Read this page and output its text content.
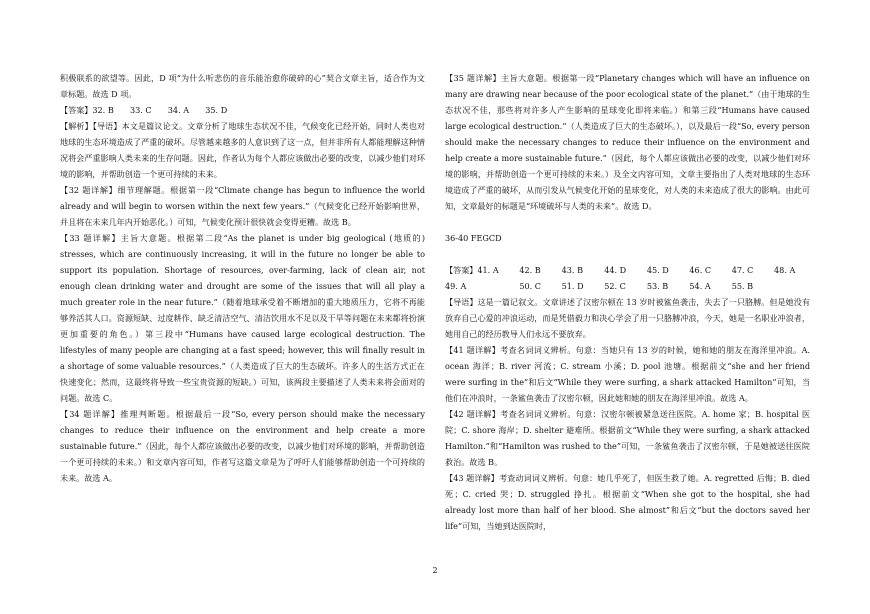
积极联系的欲望等。因此，D 项“为什么听悲伤的音乐能治愈你破碎的心”契合文章主旨，适合作为文章标题。故选 D 项。

【答案】32. B　　33. C　　34. A　　35. D

【解析】【导语】本文是篇议论文。文章分析了地球生态状况不佳，气候变化已经开始，同时人类也对地球的生态环境造成了严重的破坏。尽管越来越多的人意识到了这一点，但并非所有人都能理解这种情况将会严重影响人类未来的生存问题。因此，作者认为每个人都应该做出必要的改变，以减少他们对环境的影响，并帮助创造一个更可持续的未来。

【32 题详解】细节理解题。根据第一段“Climate change has begun to influence the world already and will begin to worsen within the next few years.”（气候变化已经开始影响世界，并且将在未来几年内开始恶化。）可知，气候变化预计很快就会变得更糟。故选 B。

【33 题详解】主旨大意题。根据第二段“As the planet is under big geological (地质的) stresses, which are continuously increasing, it will in the future no longer be able to support its population. Shortage of resources, over-farming, lack of clean air, not enough clean drinking water and drought are some of the issues that will all play a much greater role in the near future.”（随着地球承受着不断增加的重大地质压力，它将不再能够养活其人口。资源短缺、过度耕作、缺乏清洁空气、清洁饮用水不足以及干旱等问题在未来都将扮演更加重要的角色。）第三段中“Humans have caused large ecological destruction. The lifestyles of many people are changing at a fast speed; however, this will finally result in a shortage of some valuable resources.”（人类造成了巨大的生态破坏。许多人的生活方式正在快速变化；然而，这最终将导致一些宝贵资源的短缺。）可知，该两段主要描述了人类未来将会面对的问题。故选 C。

【34 题详解】推理判断题。根据最后一段“So, every person should make the necessary changes to reduce their influence on the environment and help create a more sustainable future.”（因此，每个人都应该做出必要的改变，以减少他们对环境的影响，并帮助创造一个更可持续的未来。）和文章内容可知，作者写这篇文章是为了呼吁人们能够帮助创造一个可持续的未来。故选 A。

【35 题详解】主旨大意题。根据第一段“Planetary changes which will have an influence on many are drawing near because of the poor ecological state of the planet.”（由于地球的生态状况不佳，那些将对许多人产生影响的星球变化即将来临。）和第三段“Humans have caused large ecological destruction.”（人类造成了巨大的生态破坏。），以及最后一段“So, every person should make the necessary changes to reduce their influence on the environment and help create a more sustainable future.”（因此，每个人都应该做出必要的改变，以减少他们对环境的影响，并帮助创造一个更可持续的未来。）及全文内容可知，文章主要指出了人类对地球的生态环境造成了严重的破坏，从而引发从气候变化开始的星球变化，对人类的未来造成了很大的影响。由此可知，文章最好的标题是“环境破坏与人类的未来”。故选 D。

36-40 FEGCD

【答案】41. A	42. B	43. B	44. D	45. D	46. C	47. C	48. A
49. A	50. C	51. D	52. C	53. B	54. A	55. B

【导语】这是一篇记叙文。文章讲述了汉密尔顿在 13 岁时被鲨鱼袭击，失去了一只胳膊。但是她没有放弃自己心爱的冲浪运动，而是凭借毅力和决心学会了用一只胳膊冲浪，今天，她是一名职业冲浪者，她用自己的经历教导人们永远不要放弃。

【41 题详解】考查名词词义辨析。句意：当她只有 13 岁的时候，她和她的朋友在海洋里冲浪。A. ocean 海洋；B. river 河流；C. stream 小溪；D. pool 池塘。根据前文“she and her friend were surfing in the”和后文“While they were surfing, a shark attacked Hamilton”可知，当他们在冲浪时，一条鲨鱼袭击了汉密尔顿，因此她和她的朋友在海洋里冲浪。故选 A。

【42 题详解】考查名词词义辨析。句意：汉密尔顿被紧急送往医院。A. home 家；B. hospital 医院；C. shore 海岸；D. shelter 避难所。根据前文“While they were surfing, a shark attacked Hamilton.”和“Hamilton was rushed to the”可知，一条鲨鱼袭击了汉密尔顿，于是她被送往医院救治。故选 B。

【43 题详解】考查动词词义辨析。句意：她几乎死了，但医生救了她。A. regretted 后悔；B. died 死；C. cried 哭；D. struggled 挣扎。根据前文“When she got to the hospital, she had already lost more than half of her blood. She almost”和后文“but the doctors saved her life”可知，当她到达医院时，

2
